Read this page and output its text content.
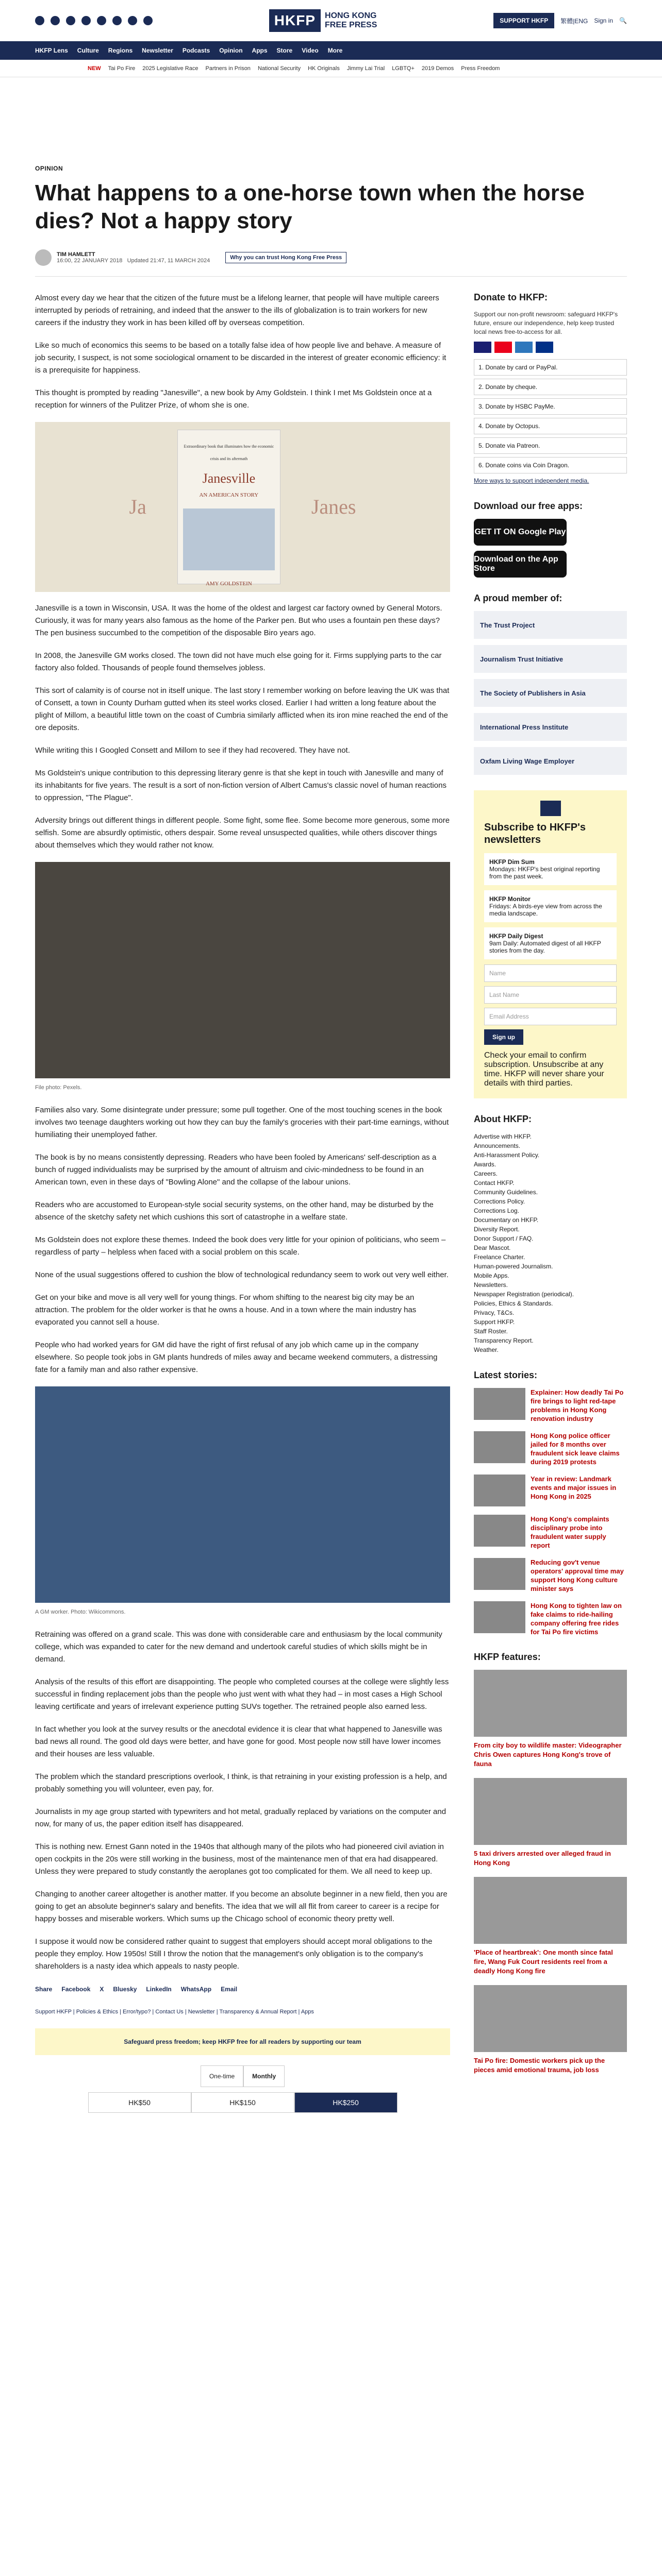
HKFP	HONG KONG
FREE PRESS	SUPPORT HKFP	繁體|ENG Sign in 🔍
HKFP Lens Culture Regions Newsletter Podcasts Opinion Apps Store Video More
NEW Tai Po Fire 2025 Legislative Race Partners in Prison National Security HK Originals Jimmy Lai Trial LGBTQ+ 2019 Demos Press Freedom
OPINION
What happens to a one-horse town when the horse dies? Not a happy story
TIM HAMLETT
16:00, 22 JANUARY 2018 Updated 21:47, 11 MARCH 2024	Why you can trust Hong Kong Free Press

Almost every day we hear that the citizen of the future must be a lifelong learner, that people will have multiple careers interrupted by periods of retraining, and indeed that the answer to the ills of globalization is to train workers for new careers if the industry they work in has been killed off by overseas competition.

Like so much of economics this seems to be based on a totally false idea of how people live and behave. A measure of job security, I suspect, is not some sociological ornament to be discarded in the interest of greater economic efficiency: it is a prerequisite for happiness.

This thought is prompted by reading "Janesville", a new book by Amy Goldstein. I think I met Ms Goldstein once at a reception for winners of the Pulitzer Prize, of whom she is one.

Ja
Extraordinary book that illuminates how the economic crisis and its aftermath
Janesville
AN AMERICAN STORY
AMY GOLDSTEIN
Janes

Janesville is a town in Wisconsin, USA. It was the home of the oldest and largest car factory owned by General Motors. Curiously, it was for many years also famous as the home of the Parker pen. But who uses a fountain pen these days? The pen business succumbed to the competition of the disposable Biro years ago.

In 2008, the Janesville GM works closed. The town did not have much else going for it. Firms supplying parts to the car factory also folded. Thousands of people found themselves jobless.

This sort of calamity is of course not in itself unique. The last story I remember working on before leaving the UK was that of Consett, a town in County Durham gutted when its steel works closed. Earlier I had written a long feature about the plight of Millom, a beautiful little town on the coast of Cumbria similarly afflicted when its iron mine reached the end of the ore deposits.

While writing this I Googled Consett and Millom to see if they had recovered. They have not.

Ms Goldstein's unique contribution to this depressing literary genre is that she kept in touch with Janesville and many of its inhabitants for five years. The result is a sort of non-fiction version of Albert Camus's classic novel of human reactions to oppression, "The Plague".

Adversity brings out different things in different people. Some fight, some flee. Some become more generous, some more selfish. Some are absurdly optimistic, others despair. Some reveal unsuspected qualities, while others discover things about themselves which they would rather not know.

File photo: Pexels.

Families also vary. Some disintegrate under pressure; some pull together. One of the most touching scenes in the book involves two teenage daughters working out how they can buy the family's groceries with their part-time earnings, without humiliating their unemployed father.

The book is by no means consistently depressing. Readers who have been fooled by Americans' self-description as a bunch of rugged individualists may be surprised by the amount of altruism and civic-mindedness to be found in an American town, even in these days of "Bowling Alone" and the collapse of the labour unions.

Readers who are accustomed to European-style social security systems, on the other hand, may be disturbed by the absence of the sketchy safety net which cushions this sort of catastrophe in a welfare state.

Ms Goldstein does not explore these themes. Indeed the book does very little for your opinion of politicians, who seem – regardless of party – helpless when faced with a social problem on this scale.

None of the usual suggestions offered to cushion the blow of technological redundancy seem to work out very well either.

Get on your bike and move is all very well for young things. For whom shifting to the nearest big city may be an attraction. The problem for the older worker is that he owns a house. And in a town where the main industry has evaporated you cannot sell a house.

People who had worked years for GM did have the right of first refusal of any job which came up in the company elsewhere. So people took jobs in GM plants hundreds of miles away and became weekend commuters, a distressing fate for a family man and also rather expensive.

A GM worker. Photo: Wikicommons.

Retraining was offered on a grand scale. This was done with considerable care and enthusiasm by the local community college, which was expanded to cater for the new demand and undertook careful studies of which skills might be in demand.

Analysis of the results of this effort are disappointing. The people who completed courses at the college were slightly less successful in finding replacement jobs than the people who just went with what they had – in most cases a High School leaving certificate and years of irrelevant experience putting SUVs together. The retrained people also earned less.

In fact whether you look at the survey results or the anecdotal evidence it is clear that what happened to Janesville was bad news all round. The good old days were better, and have gone for good. Most people now still have lower incomes and their houses are less valuable.

The problem which the standard prescriptions overlook, I think, is that retraining in your existing profession is a help, and probably something you will volunteer, even pay, for.

Journalists in my age group started with typewriters and hot metal, gradually replaced by variations on the computer and now, for many of us, the paper edition itself has disappeared.

This is nothing new. Ernest Gann noted in the 1940s that although many of the pilots who had pioneered civil aviation in open cockpits in the 20s were still working in the business, most of the maintenance men of that era had disappeared. Unless they were prepared to study constantly the aeroplanes got too complicated for them. We all need to keep up.

Changing to another career altogether is another matter. If you become an absolute beginner in a new field, then you are going to get an absolute beginner's salary and benefits. The idea that we will all flit from career to career is a recipe for happy bosses and miserable workers. Which sums up the Chicago school of economic theory pretty well.

I suppose it would now be considered rather quaint to suggest that employers should accept moral obligations to the people they employ. How 1950s! Still I throw the notion that the management's only obligation is to the company's shareholders is a nasty idea which appeals to nasty people.

Share Facebook X Bluesky LinkedIn WhatsApp Email
Support HKFP | Policies & Ethics | Error/typo? | Contact Us | Newsletter | Transparency & Annual Report | Apps
Safeguard press freedom; keep HKFP free for all readers by supporting our team
One-time	Monthly
HK$50	HK$150	HK$250
Donate to HKFP:

Support our non-profit newsroom: safeguard HKFP's future, ensure our independence, help keep trusted local news free-to-access for all.

1. Donate by card or PayPal.
2. Donate by cheque.
3. Donate by HSBC PayMe.
4. Donate by Octopus.
5. Donate via Patreon.
6. Donate coins via Coin Dragon.

More ways to support independent media.

Download our free apps:
GET IT ON Google Play
Download on the App Store
A proud member of:
The Trust Project
Journalism Trust Initiative
The Society of Publishers in Asia
International Press Institute
Oxfam Living Wage Employer
Subscribe to HKFP's newsletters
HKFP Dim Sum
Mondays: HKFP's best original reporting from the past week.
HKFP Monitor
Fridays: A birds-eye view from across the media landscape.
HKFP Daily Digest
9am Daily: Automated digest of all HKFP stories from the day.
Name
Last Name
Email Address
Sign up

Check your email to confirm subscription. Unsubscribe at any time. HKFP will never share your details with third parties.

About HKFP:
Advertise with HKFP.
Announcements.
Anti-Harassment Policy.
Awards.
Careers.
Contact HKFP.
Community Guidelines.
Corrections Policy.
Corrections Log.
Documentary on HKFP.
Diversity Report.
Donor Support / FAQ.
Dear Mascot.
Freelance Charter.
Human-powered Journalism.
Mobile Apps.
Newsletters.
Newspaper Registration (periodical).
Policies, Ethics & Standards.
Privacy, T&Cs.
Support HKFP.
Staff Roster.
Transparency Report.
Weather.
Latest stories:
Explainer: How deadly Tai Po fire brings to light red-tape problems in Hong Kong renovation industry
Hong Kong police officer jailed for 8 months over fraudulent sick leave claims during 2019 protests
Year in review: Landmark events and major issues in Hong Kong in 2025
Hong Kong's complaints disciplinary probe into fraudulent water supply report
Reducing gov't venue operators' approval time may support Hong Kong culture minister says
Hong Kong to tighten law on fake claims to ride-hailing company offering free rides for Tai Po fire victims
HKFP features:
From city boy to wildlife master: Videographer Chris Owen captures Hong Kong's trove of fauna
5 taxi drivers arrested over alleged fraud in Hong Kong
'Place of heartbreak': One month since fatal fire, Wang Fuk Court residents reel from a deadly Hong Kong fire
Tai Po fire: Domestic workers pick up the pieces amid emotional trauma, job loss
